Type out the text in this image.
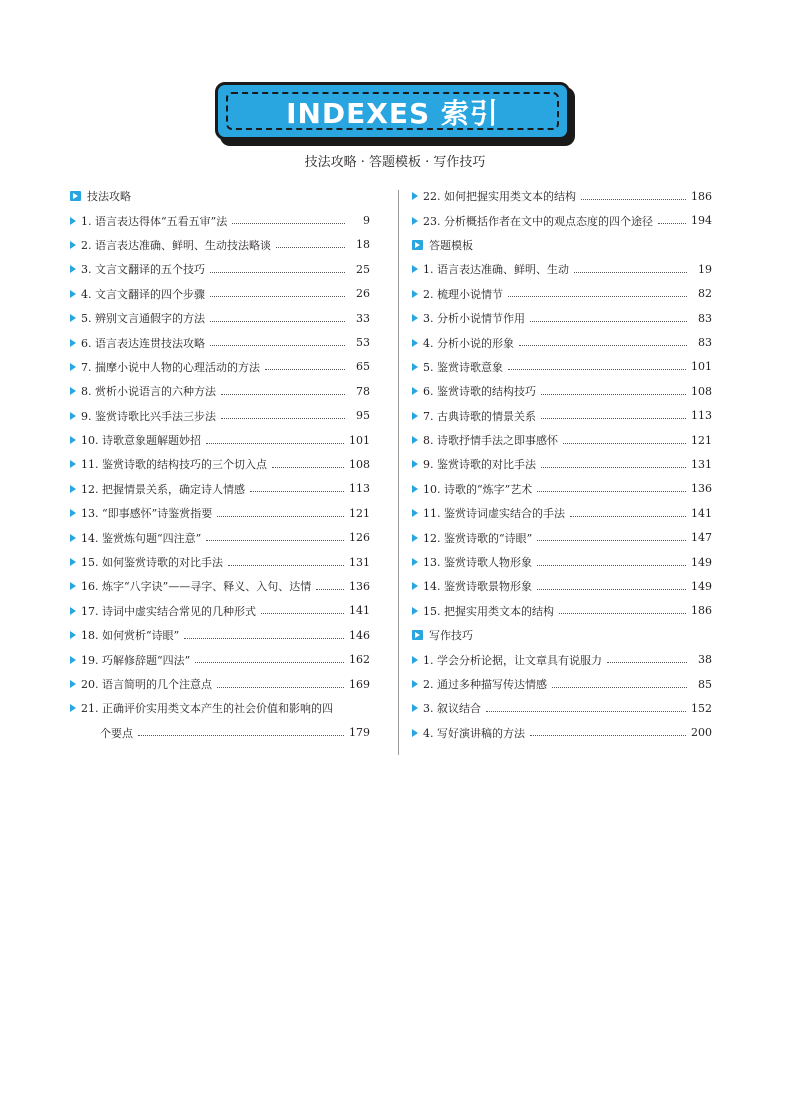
INDEXES 索引
技法攻略 · 答题模板 · 写作技巧
技法攻略
1. 语言表达得体“五看五审”法	9
2. 语言表达准确、鲜明、生动技法略谈	18
3. 文言文翻译的五个技巧	25
4. 文言文翻译的四个步骤	26
5. 辨别文言通假字的方法	33
6. 语言表达连贯技法攻略	53
7. 揣摩小说中人物的心理活动的方法	65
8. 赏析小说语言的六种方法	78
9. 鉴赏诗歌比兴手法三步法	95
10. 诗歌意象题解题妙招	101
11. 鉴赏诗歌的结构技巧的三个切入点	108
12. 把握情景关系，确定诗人情感	113
13. “即事感怀”诗鉴赏指要	121
14. 鉴赏炼句题“四注意”	126
15. 如何鉴赏诗歌的对比手法	131
16. 炼字“八字诀”——寻字、释义、入句、达情	136
17. 诗词中虚实结合常见的几种形式	141
18. 如何赏析“诗眼”	146
19. 巧解修辞题“四法”	162
20. 语言简明的几个注意点	169
21. 正确评价实用类文本产生的社会价值和影响的四
个要点	179
22. 如何把握实用类文本的结构	186
23. 分析概括作者在文中的观点态度的四个途径	194
答题模板
1. 语言表达准确、鲜明、生动	19
2. 梳理小说情节	82
3. 分析小说情节作用	83
4. 分析小说的形象	83
5. 鉴赏诗歌意象	101
6. 鉴赏诗歌的结构技巧	108
7. 古典诗歌的情景关系	113
8. 诗歌抒情手法之即事感怀	121
9. 鉴赏诗歌的对比手法	131
10. 诗歌的“炼字”艺术	136
11. 鉴赏诗词虚实结合的手法	141
12. 鉴赏诗歌的“诗眼”	147
13. 鉴赏诗歌人物形象	149
14. 鉴赏诗歌景物形象	149
15. 把握实用类文本的结构	186
写作技巧
1. 学会分析论据，让文章具有说服力	38
2. 通过多种描写传达情感	85
3. 叙议结合	152
4. 写好演讲稿的方法	200
